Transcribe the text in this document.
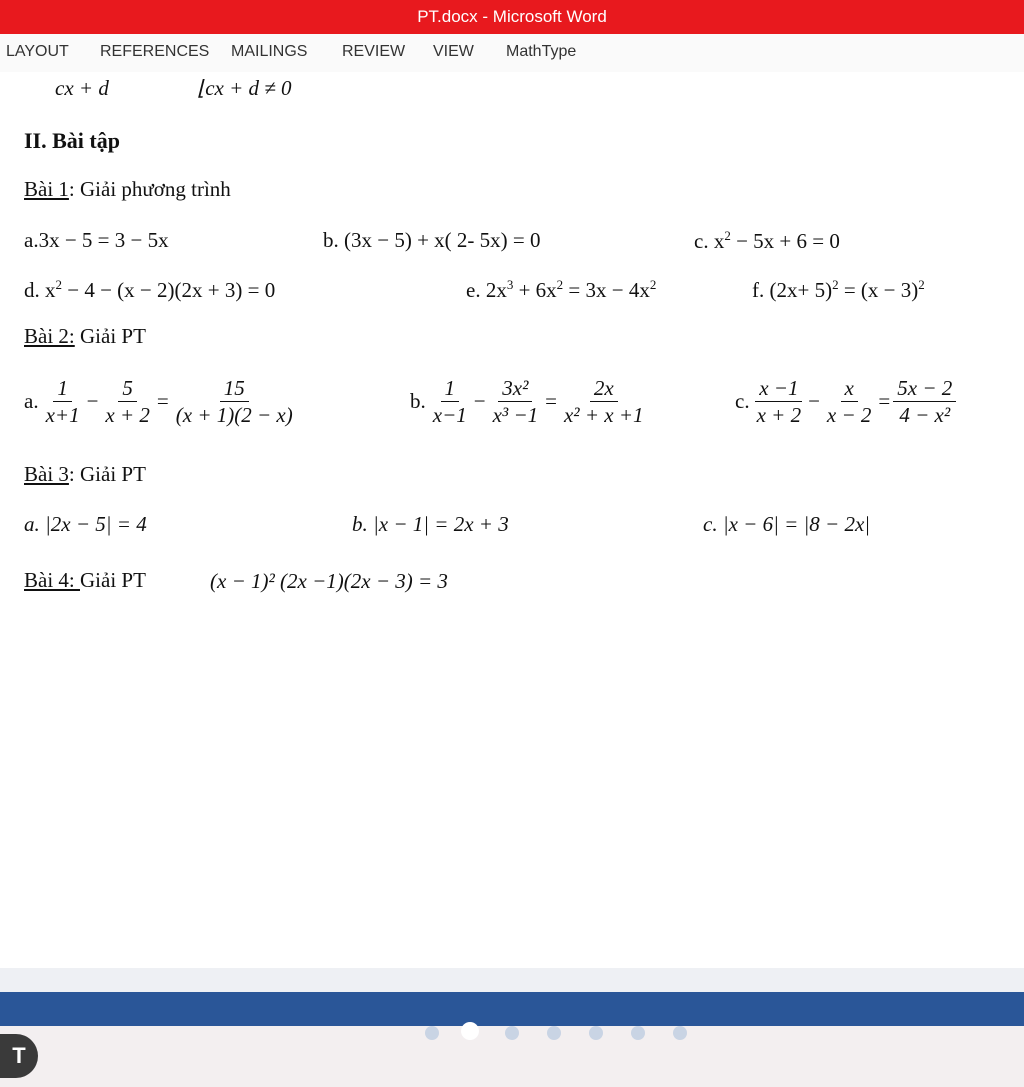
PT.docx - Microsoft Word
LAYOUT REFERENCES MAILINGS REVIEW VIEW MathType
cx + d	⌊cx + d ≠ 0
II. Bài tập
Bài 1: Giải phương trình
a.3x − 5 = 3 − 5x	b. (3x − 5) + x( 2- 5x) = 0	c. $x^2 - 5x + 6 = 0$
d. $x^2 - 4 - (x - 2)(2x + 3) = 0$	e. $2x^3 + 6x^2 = 3x - 4x^2$	f. $(2x+ 5)^2 = (x - 3)^2$
Bài 2: Giải PT
a. $\frac{1}{x+1} - \frac{5}{x + 2} = \frac{15}{(x + 1)(2 - x)}$	b. $\frac{1}{x-1} - \frac{\text{3x²}}{\text{x³ −1}} = \frac{2x}{\text{x² + x +1}}$	c. $\frac{x -1}{x + 2} - \frac{x}{x - 2} = \frac{5x - 2}{\text{4 − x²}}$
Bài 3: Giải PT
a. |2x − 5| = 4	b. |x − 1| = 2x + 3	c. |x − 6| = |8 − 2x|
Bài 4: Giải PT	(x − 1)² (2x −1)(2x − 3) = 3
T
